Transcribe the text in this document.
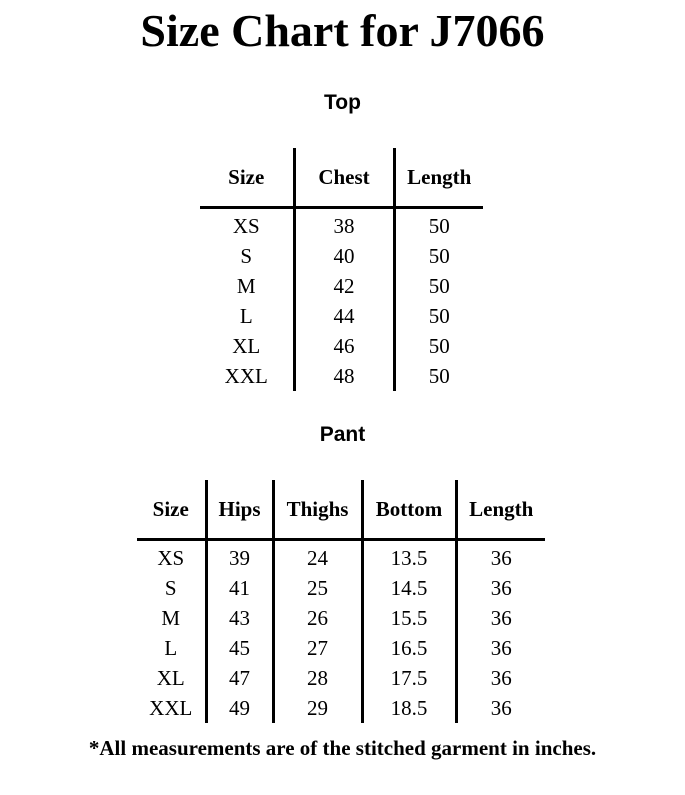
Size Chart for J7066
Top
Size	Chest	Length
XS	38	50
S	40	50
M	42	50
L	44	50
XL	46	50
XXL	48	50
Pant
Size	Hips	Thighs	Bottom	Length
XS	39	24	13.5	36
S	41	25	14.5	36
M	43	26	15.5	36
L	45	27	16.5	36
XL	47	28	17.5	36
XXL	49	29	18.5	36
*All measurements are of the stitched garment in inches.
